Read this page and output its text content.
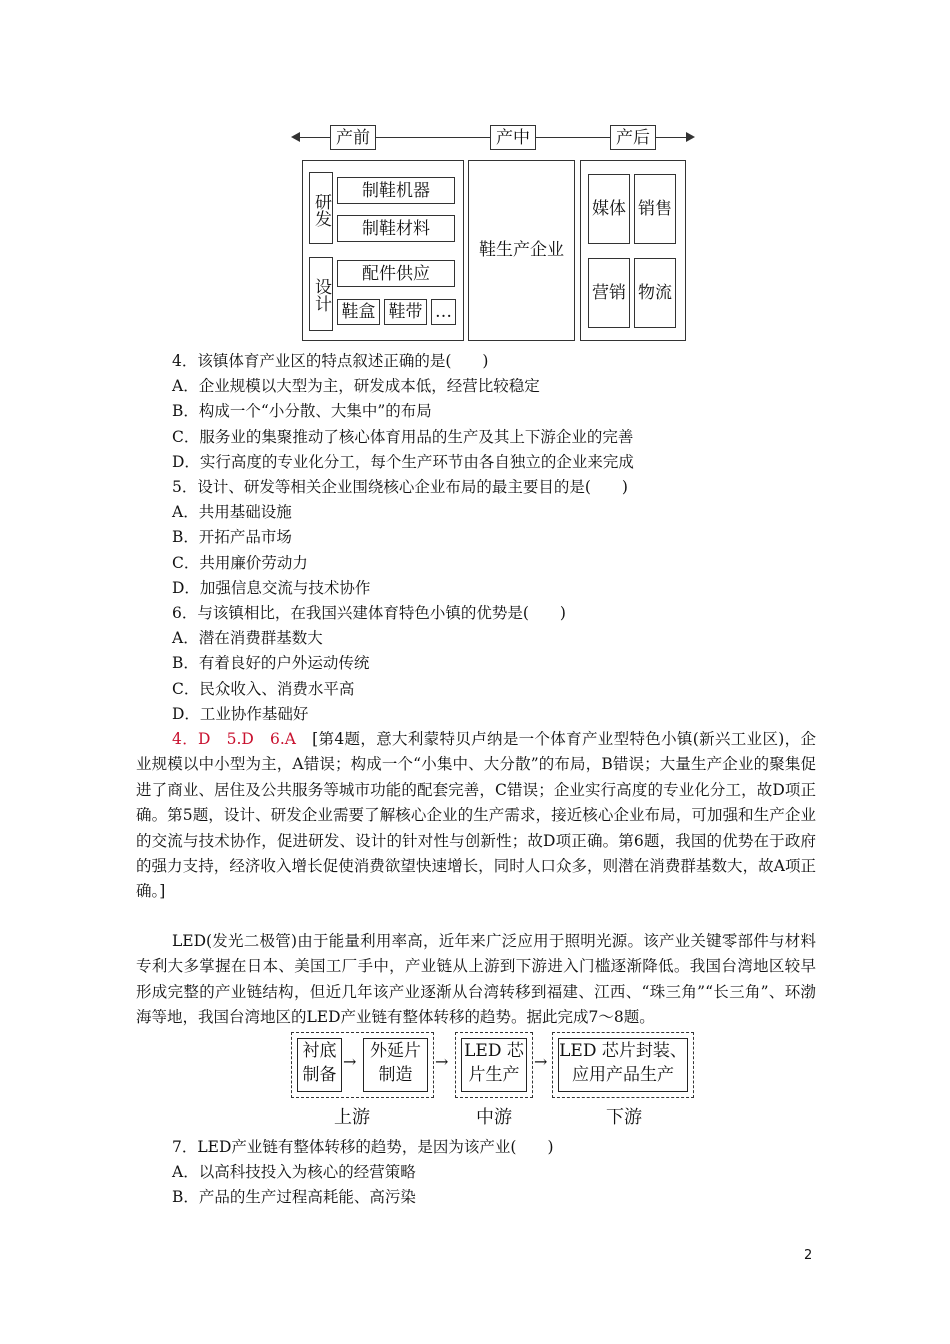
产前	产中	产后
研发
设计
制鞋机器
制鞋材料
配件供应
鞋盒 鞋带 …
鞋生产企业
媒体 销售
营销 物流
4．该镇体育产业区的特点叙述正确的是(　　)
A．企业规模以大型为主，研发成本低，经营比较稳定
B．构成一个“小分散、大集中”的布局
C．服务业的集聚推动了核心体育用品的生产及其上下游企业的完善
D．实行高度的专业化分工，每个生产环节由各自独立的企业来完成
5．设计、研发等相关企业围绕核心企业布局的最主要目的是(　　)
A．共用基础设施
B．开拓产品市场
C．共用廉价劳动力
D．加强信息交流与技术协作
6．与该镇相比，在我国兴建体育特色小镇的优势是(　　)
A．潜在消费群基数大
B．有着良好的户外运动传统
C．民众收入、消费水平高
D．工业协作基础好
4．D　5.D　6.A　 [第4题，意大利蒙特贝卢纳是一个体育产业型特色小镇(新兴工业区)，企业规模以中小型为主，A错误；构成一个“小集中、大分散”的布局，B错误；大量生产企业的聚集促进了商业、居住及公共服务等城市功能的配套完善，C错误；企业实行高度的专业化分工，故D项正确。第5题，设计、研发企业需要了解核心企业的生产需求，接近核心企业布局，可加强和生产企业的交流与技术协作，促进研发、设计的针对性与创新性；故D项正确。第6题，我国的优势在于政府的强力支持，经济收入增长促使消费欲望快速增长，同时人口众多，则潜在消费群基数大，故A项正确。]
LED(发光二极管)由于能量利用率高，近年来广泛应用于照明光源。该产业关键零部件与材料专利大多掌握在日本、美国工厂手中，产业链从上游到下游进入门槛逐渐降低。我国台湾地区较早形成完整的产业链结构，但近几年该产业逐渐从台湾转移到福建、江西、“珠三角”“长三角”、环渤海等地，我国台湾地区的LED产业链有整体转移的趋势。据此完成7～8题。
衬底
制备
→
外延片
制造
→
LED 芯
片生产
→
LED 芯片封装、
应用产品生产
上游	中游	下游
7．LED产业链有整体转移的趋势，是因为该产业(　　)
A．以高科技投入为核心的经营策略
B．产品的生产过程高耗能、高污染
2
